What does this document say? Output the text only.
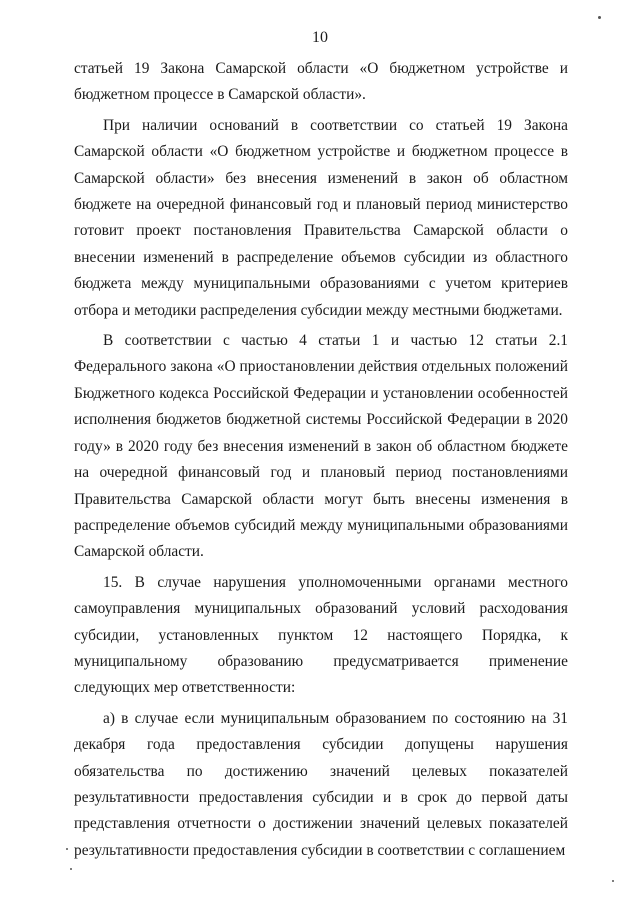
10

статьей 19 Закона Самарской области «О бюджетном устройстве и бюджетном процессе в Самарской области».

При наличии оснований в соответствии со статьей 19 Закона Самарской области «О бюджетном устройстве и бюджетном процессе в Самарской области» без внесения изменений в закон об областном бюджете на очередной финансовый год и плановый период министерство готовит проект постановления Правительства Самарской области о внесении изменений в распределение объемов субсидии из областного бюджета между муниципальными образованиями с учетом критериев отбора и методики распределения субсидии между местными бюджетами.

В соответствии с частью 4 статьи 1 и частью 12 статьи 2.1 Федерального закона «О приостановлении действия отдельных положений Бюджетного кодекса Российской Федерации и установлении особенностей исполнения бюджетов бюджетной системы Российской Федерации в 2020 году» в 2020 году без внесения изменений в закон об областном бюджете на очередной финансовый год и плановый период постановлениями Правительства Самарской области могут быть внесены изменения в распределение объемов субсидий между муниципальными образованиями Самарской области.

15. В случае нарушения уполномоченными органами местного самоуправления муниципальных образований условий расходования субсидии, установленных пунктом 12 настоящего Порядка, к муниципальному образованию предусматривается применение следующих мер ответственности:

а) в случае если муниципальным образованием по состоянию на 31 декабря года предоставления субсидии допущены нарушения обязательства по достижению значений целевых показателей результативности предоставления субсидии и в срок до первой даты представления отчетности о достижении значений целевых показателей результативности предоставления субсидии в соответствии с соглашением
